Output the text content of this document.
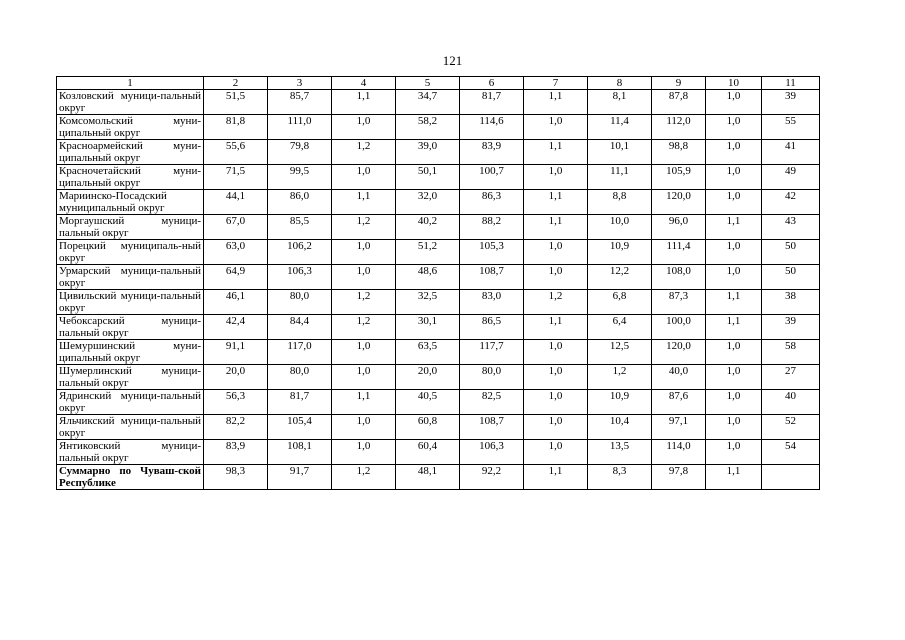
121
1	2	3	4	5	6	7	8	9	10	11
Козловский муници-пальный округ	51,5	85,7	1,1	34,7	81,7	1,1	8,1	87,8	1,0	39
Комсомольский муни-ципальный округ	81,8	111,0	1,0	58,2	114,6	1,0	11,4	112,0	1,0	55
Красноармейский муни-ципальный округ	55,6	79,8	1,2	39,0	83,9	1,1	10,1	98,8	1,0	41
Красночетайский муни-ципальный округ	71,5	99,5	1,0	50,1	100,7	1,0	11,1	105,9	1,0	49
Мариинско-Посадский муниципальный округ	44,1	86,0	1,1	32,0	86,3	1,1	8,8	120,0	1,0	42
Моргаушский муници-пальный округ	67,0	85,5	1,2	40,2	88,2	1,1	10,0	96,0	1,1	43
Порецкий муниципаль-ный округ	63,0	106,2	1,0	51,2	105,3	1,0	10,9	111,4	1,0	50
Урмарский муници-пальный округ	64,9	106,3	1,0	48,6	108,7	1,0	12,2	108,0	1,0	50
Цивильский муници-пальный округ	46,1	80,0	1,2	32,5	83,0	1,2	6,8	87,3	1,1	38
Чебоксарский муници-пальный округ	42,4	84,4	1,2	30,1	86,5	1,1	6,4	100,0	1,1	39
Шемуршинский муни-ципальный округ	91,1	117,0	1,0	63,5	117,7	1,0	12,5	120,0	1,0	58
Шумерлинский муници-пальный округ	20,0	80,0	1,0	20,0	80,0	1,0	1,2	40,0	1,0	27
Ядринский муници-пальный округ	56,3	81,7	1,1	40,5	82,5	1,0	10,9	87,6	1,0	40
Яльчикский муници-пальный округ	82,2	105,4	1,0	60,8	108,7	1,0	10,4	97,1	1,0	52
Янтиковский муници-пальный округ	83,9	108,1	1,0	60,4	106,3	1,0	13,5	114,0	1,0	54
Суммарно по Чуваш-ской Республике	98,3	91,7	1,2	48,1	92,2	1,1	8,3	97,8	1,1	
